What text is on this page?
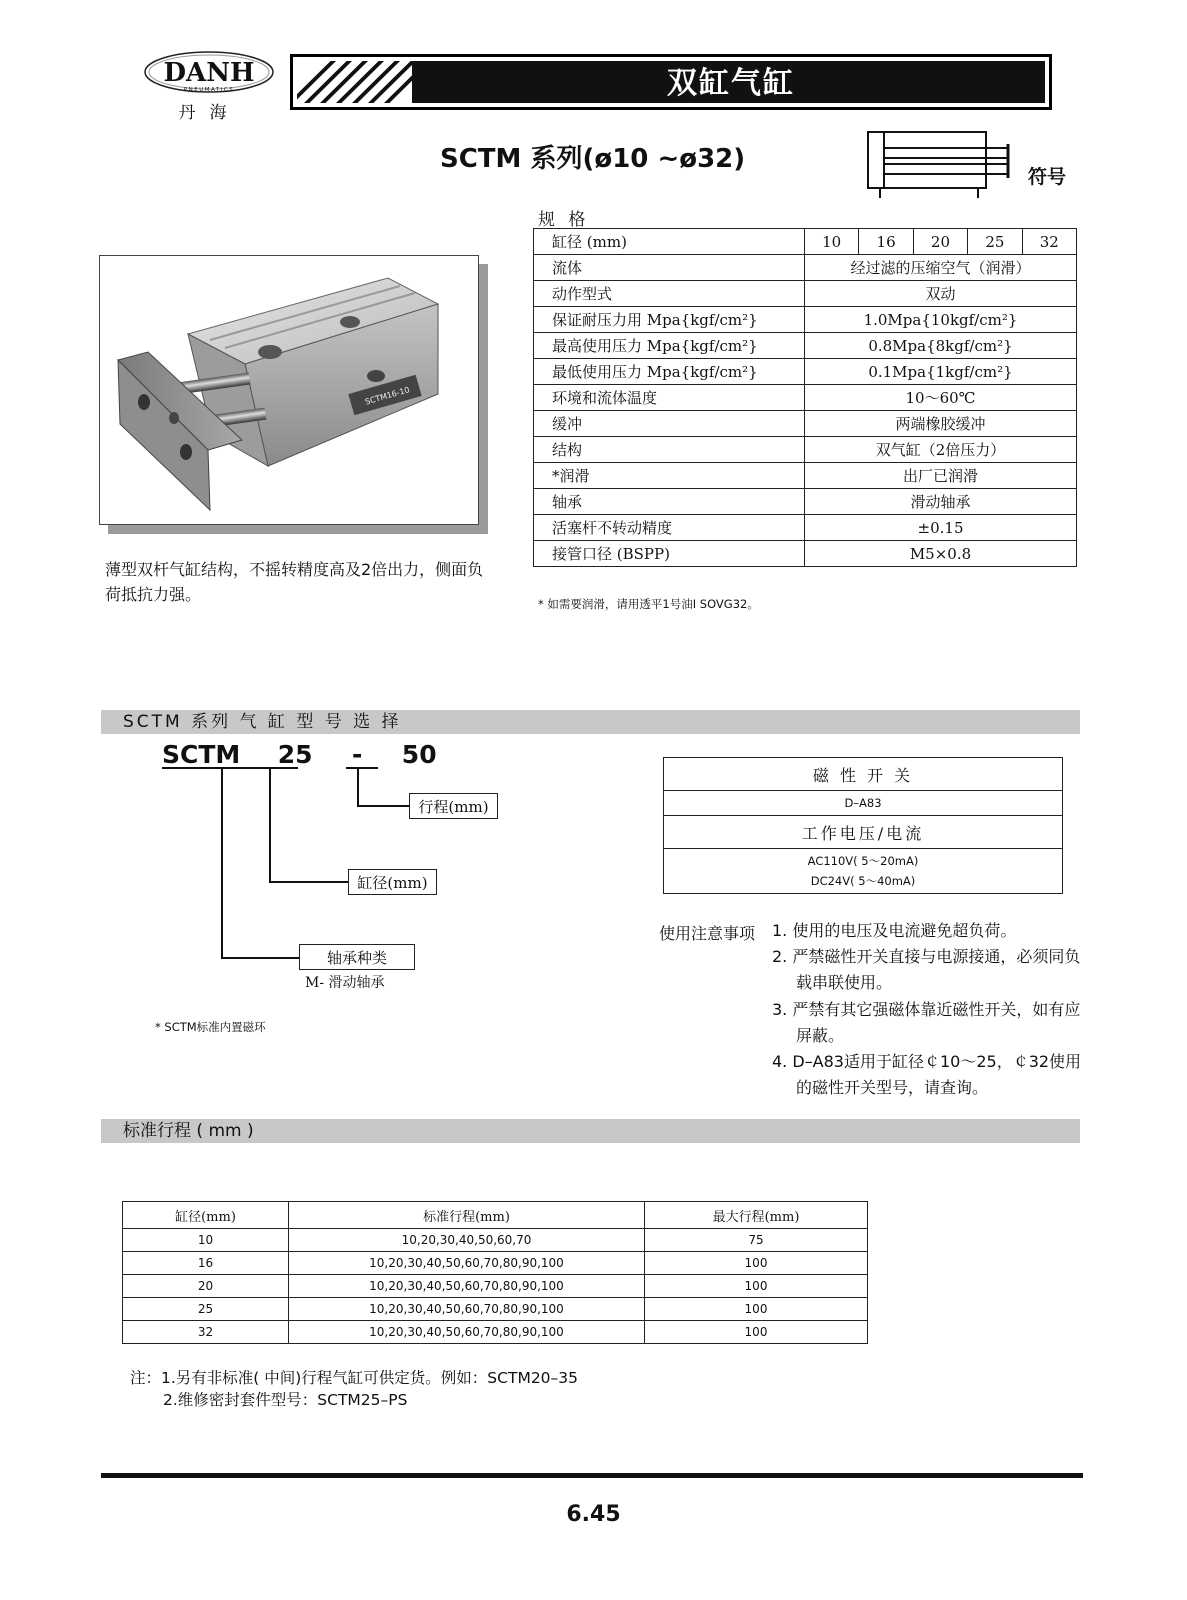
DANH
PNEUMATICS
丹海
双缸气缸
SCTM 系列(ø10 ~ø32)
符号
SCTM16-10
薄型双杆气缸结构，不摇转精度高及2倍出力，侧面负荷抵抗力强。
规 格
缸径 (mm)	10	16	20	25	32
流体	经过滤的压缩空气（润滑）				
动作型式	双动				
保证耐压力用 Mpa{kgf/cm²}	1.0Mpa{10kgf/cm²}				
最高使用压力 Mpa{kgf/cm²}	0.8Mpa{8kgf/cm²}				
最低使用压力 Mpa{kgf/cm²}	0.1Mpa{1kgf/cm²}				
环境和流体温度	10～60℃				
缓冲	两端橡胶缓冲				
结构	双气缸（2倍压力）				
*润滑	出厂已润滑				
轴承	滑动轴承				
活塞杆不转动精度	±0.15				
接管口径 (BSPP)	M5×0.8				
* 如需要润滑，请用透平1号油I SOVG32。
SCTM 系列 气 缸 型 号 选 择
SCTM 25 - 50
行程(mm)
缸径(mm)
轴承种类
M- 滑动轴承
* SCTM标准内置磁环
磁 性 开 关
D–A83
工作电压/电流

AC110V( 5～20mA)
DC24V( 5～40mA)
使用注意事项 1. 使用的电压及电流避免超负荷。
2. 严禁磁性开关直接与电源接通，必须同负载串联使用。
3. 严禁有其它强磁体靠近磁性开关，如有应屏蔽。
4. D–A83适用于缸径￠10～25，￠32使用的磁性开关型号，请查询。
标准行程 ( mm )
缸径(mm)	标准行程(mm)	最大行程(mm)
10	10,20,30,40,50,60,70	75
16	10,20,30,40,50,60,70,80,90,100	100
20	10,20,30,40,50,60,70,80,90,100	100
25	10,20,30,40,50,60,70,80,90,100	100
32	10,20,30,40,50,60,70,80,90,100	100
注：1.另有非标准( 中间)行程气缸可供定货。例如：SCTM20–35
2.维修密封套件型号：SCTM25–PS
6.45
